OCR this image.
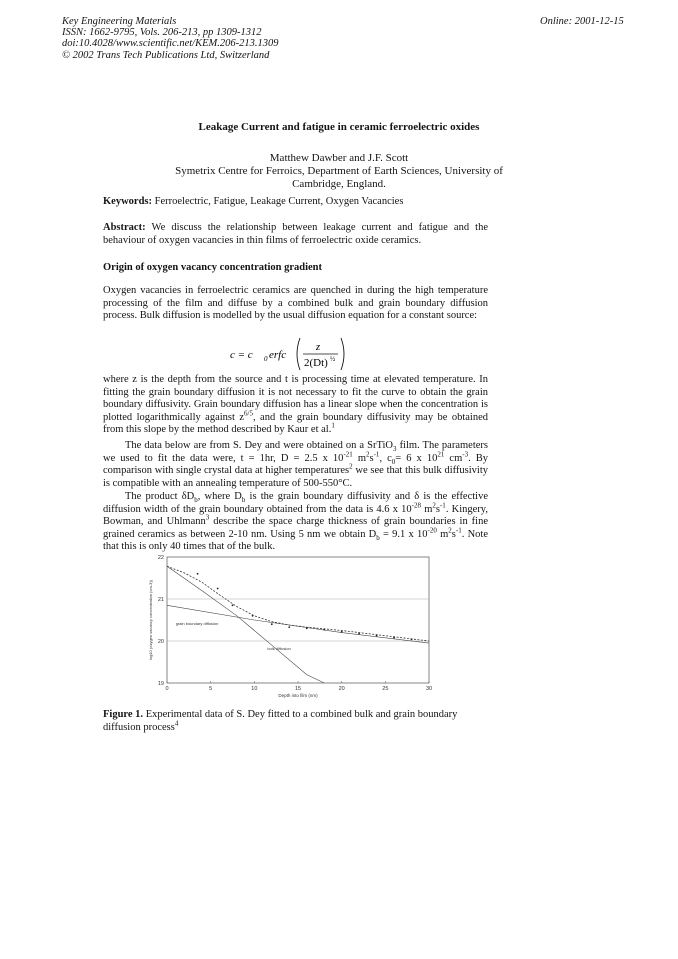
Key Engineering Materials
ISSN: 1662-9795, Vols. 206-213, pp 1309-1312
doi:10.4028/www.scientific.net/KEM.206-213.1309
© 2002 Trans Tech Publications Ltd, Switzerland
Online: 2001-12-15
Leakage Current and fatigue in ceramic ferroelectric oxides
Matthew Dawber and J.F. Scott
Symetrix Centre for Ferroics, Department of Earth Sciences, University of
Cambridge, England.
Keywords: Ferroelectric, Fatigue, Leakage Current, Oxygen Vacancies
Abstract: We discuss the relationship between leakage current and fatigue and the behaviour of oxygen vacancies in thin films of ferroelectric oxide ceramics.
Origin of oxygen vacancy concentration gradient
Oxygen vacancies in ferroelectric ceramics are quenched in during the high temperature processing of the film and diffuse by a combined bulk and grain boundary diffusion process. Bulk diffusion is modelled by the usual diffusion equation for a constant source:
c = c 0 erfc
z
2(Dt) ½
where z is the depth from the source and t is processing time at elevated temperature. In fitting the grain boundary diffusion it is not necessary to fit the curve to obtain the grain boundary diffusivity. Grain boundary diffusion has a linear slope when the concentration is plotted logarithmically against $z^{6/5}$, and the grain boundary diffusivity may be obtained from this slope by the method described by Kaur et al.$^1$
The data below are from S. Dey and were obtained on a SrTiO$_3$ film. The parameters we used to fit the data were, t = 1hr, D = 2.5 x $10^{-21}$ $m^2s^{-1}$, $c_0= 6$ x $10^{21}$ $cm^{-3}$. By comparison with single crystal data at higher temperatures$^2$ we see that this bulk diffusivity is compatible with an annealing temperature of 500-550°C.
The product $\delta D_b$, where $D_b$ is the grain boundary diffusivity and δ is the effective diffusion width of the grain boundary obtained from the data is 4.6 x $10^{-28}$ $m^2s^{-1}$. Kingery, Bowman, and Uhlmann$^3$ describe the space charge thickness of grain boundaries in fine grained ceramics as between 2-10 nm. Using 5 nm we obtain $D_b = 9.1$ x $10^{-20}$ $m^2s^{-1}$. Note that this is only 40 times that of the bulk.
19
20
21
22
0	5	10	15	20	25	30
Depth into film (nm)
log10 (oxygen vacancy concentration (cm-3))	grain boundary diffusion
bulk diffusion
Figure 1. Experimental data of S. Dey fitted to a combined bulk and grain boundary diffusion process$^4$
